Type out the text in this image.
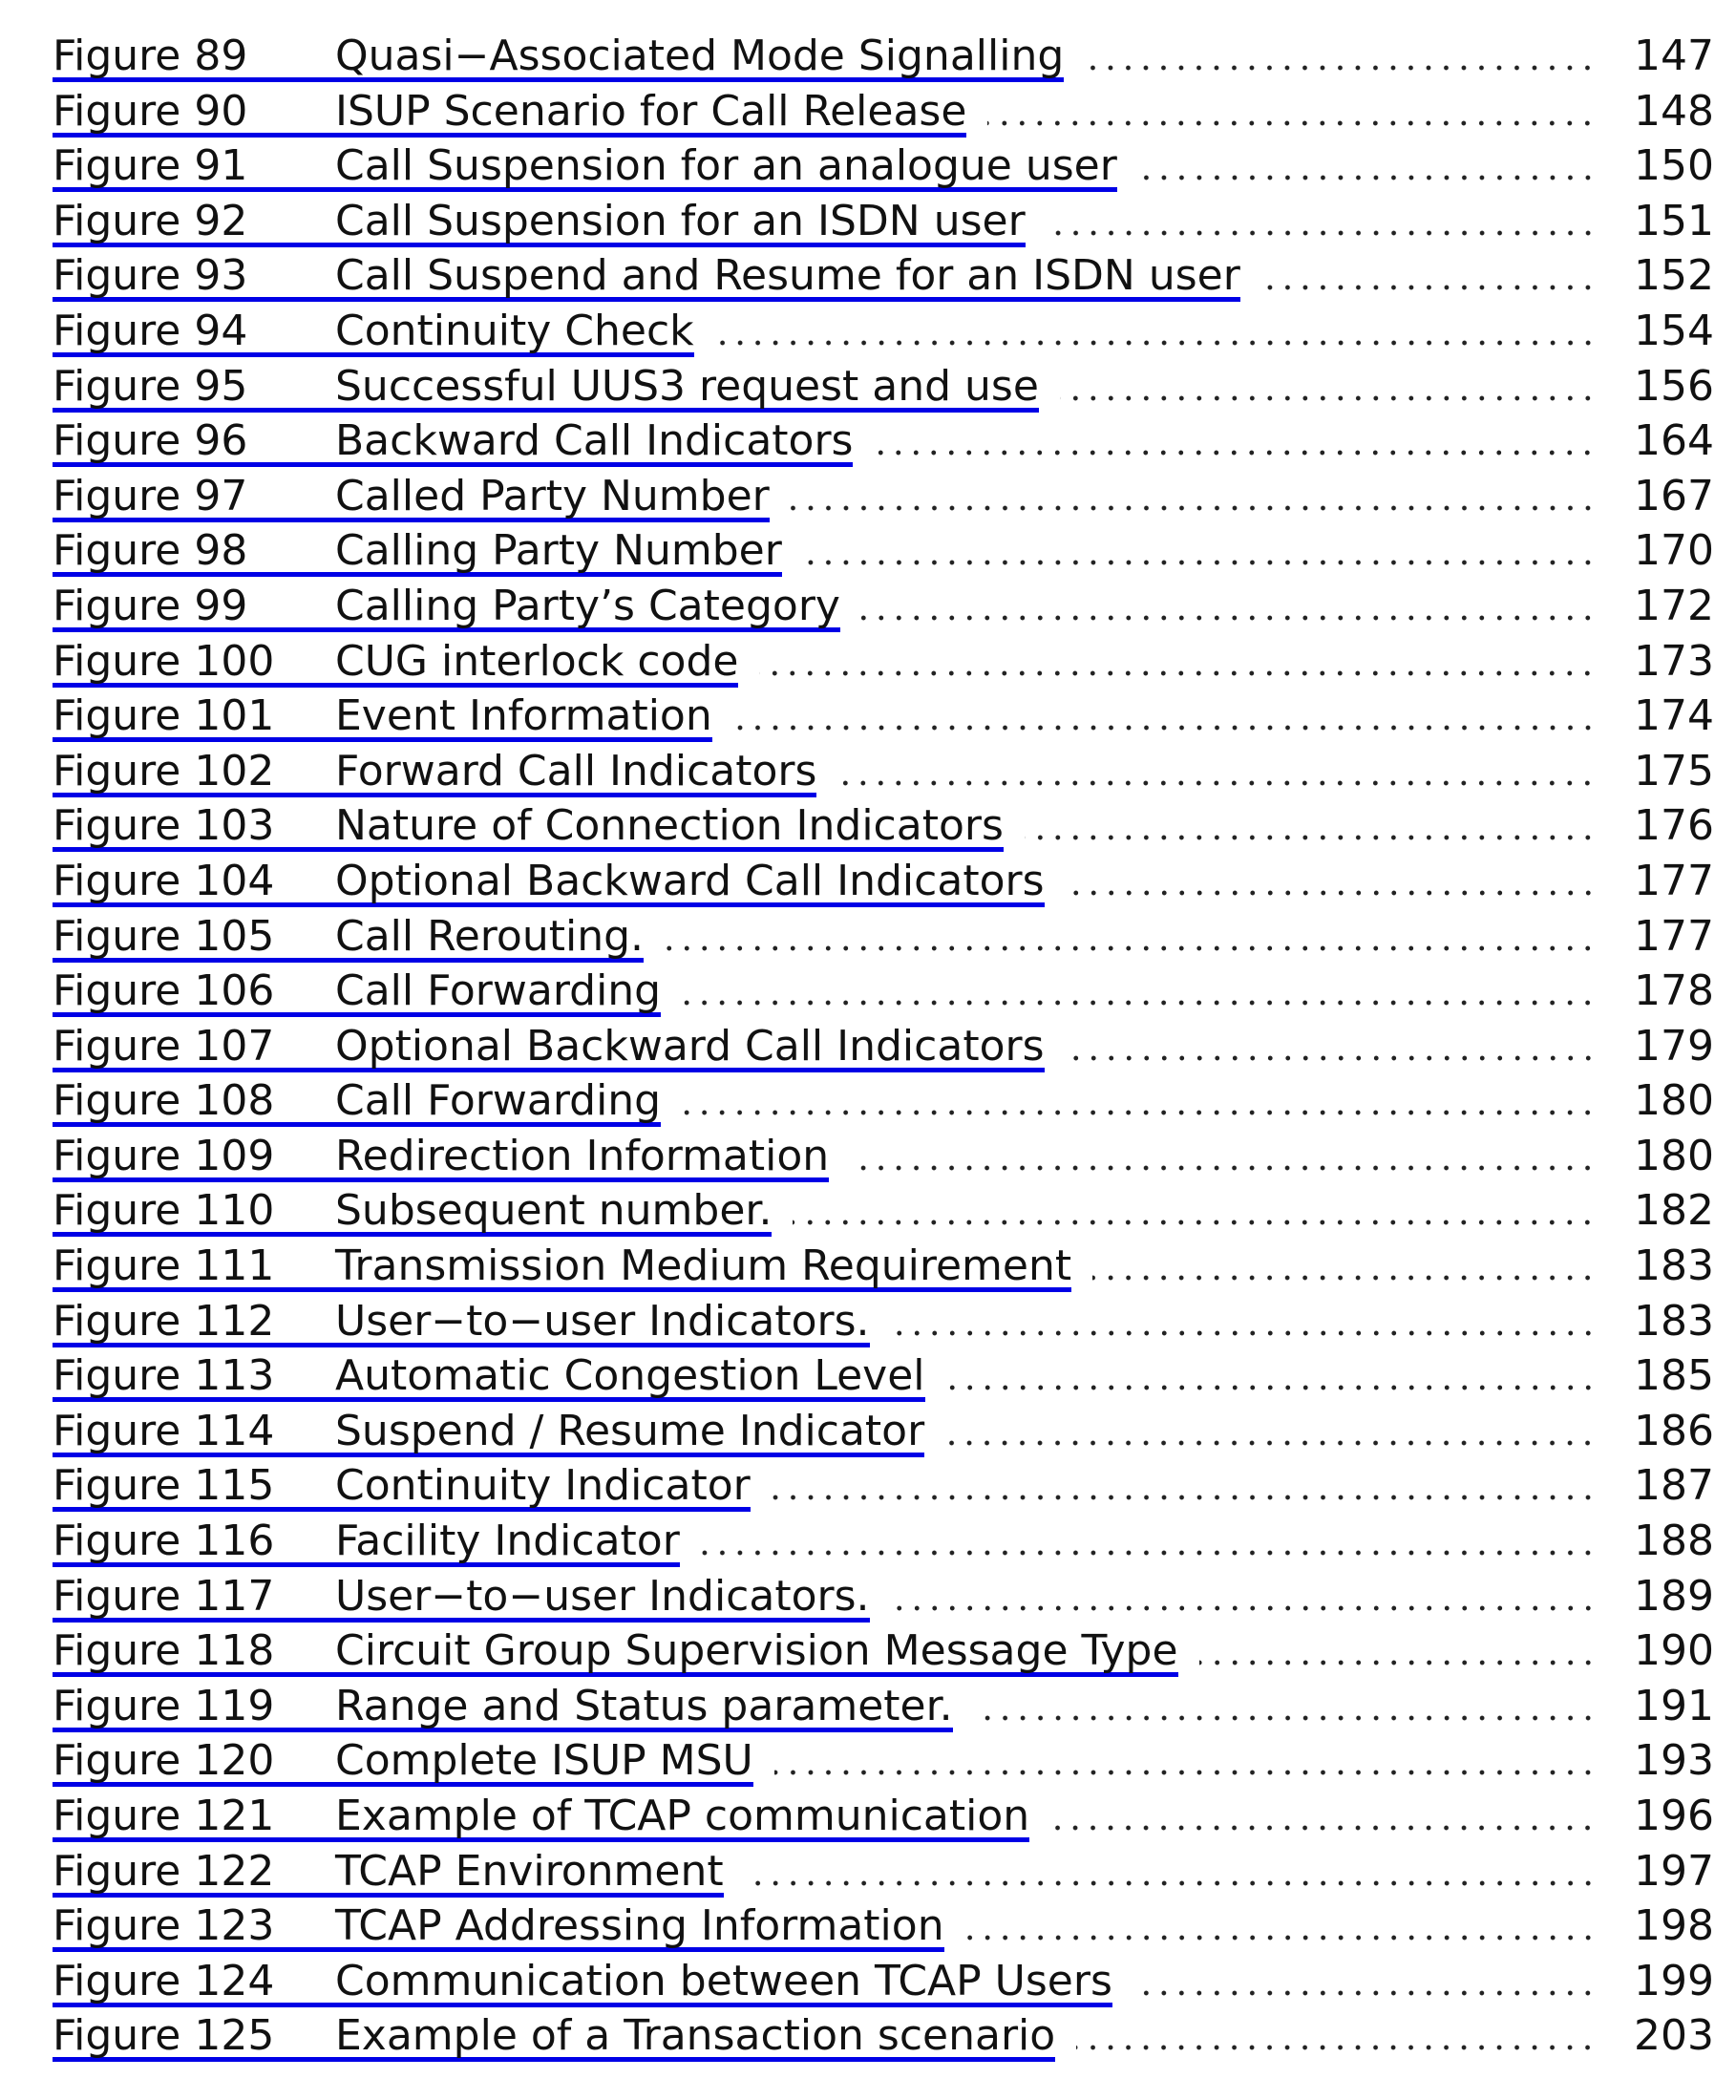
Figure 89	Quasi−Associated Mode Signalling	147
Figure 90	ISUP Scenario for Call Release	148
Figure 91	Call Suspension for an analogue user	150
Figure 92	Call Suspension for an ISDN user	151
Figure 93	Call Suspend and Resume for an ISDN user	152
Figure 94	Continuity Check	154
Figure 95	Successful UUS3 request and use	156
Figure 96	Backward Call Indicators	164
Figure 97	Called Party Number	167
Figure 98	Calling Party Number	170
Figure 99	Calling Party’s Category	172
Figure 100	CUG interlock code	173
Figure 101	Event Information	174
Figure 102	Forward Call Indicators	175
Figure 103	Nature of Connection Indicators	176
Figure 104	Optional Backward Call Indicators	177
Figure 105	Call Rerouting.	177
Figure 106	Call Forwarding	178
Figure 107	Optional Backward Call Indicators	179
Figure 108	Call Forwarding	180
Figure 109	Redirection Information	180
Figure 110	Subsequent number.	182
Figure 111	Transmission Medium Requirement	183
Figure 112	User−to−user Indicators.	183
Figure 113	Automatic Congestion Level	185
Figure 114	Suspend / Resume Indicator	186
Figure 115	Continuity Indicator	187
Figure 116	Facility Indicator	188
Figure 117	User−to−user Indicators.	189
Figure 118	Circuit Group Supervision Message Type	190
Figure 119	Range and Status parameter.	191
Figure 120	Complete ISUP MSU	193
Figure 121	Example of TCAP communication	196
Figure 122	TCAP Environment	197
Figure 123	TCAP Addressing Information	198
Figure 124	Communication between TCAP Users	199
Figure 125	Example of a Transaction scenario	203
